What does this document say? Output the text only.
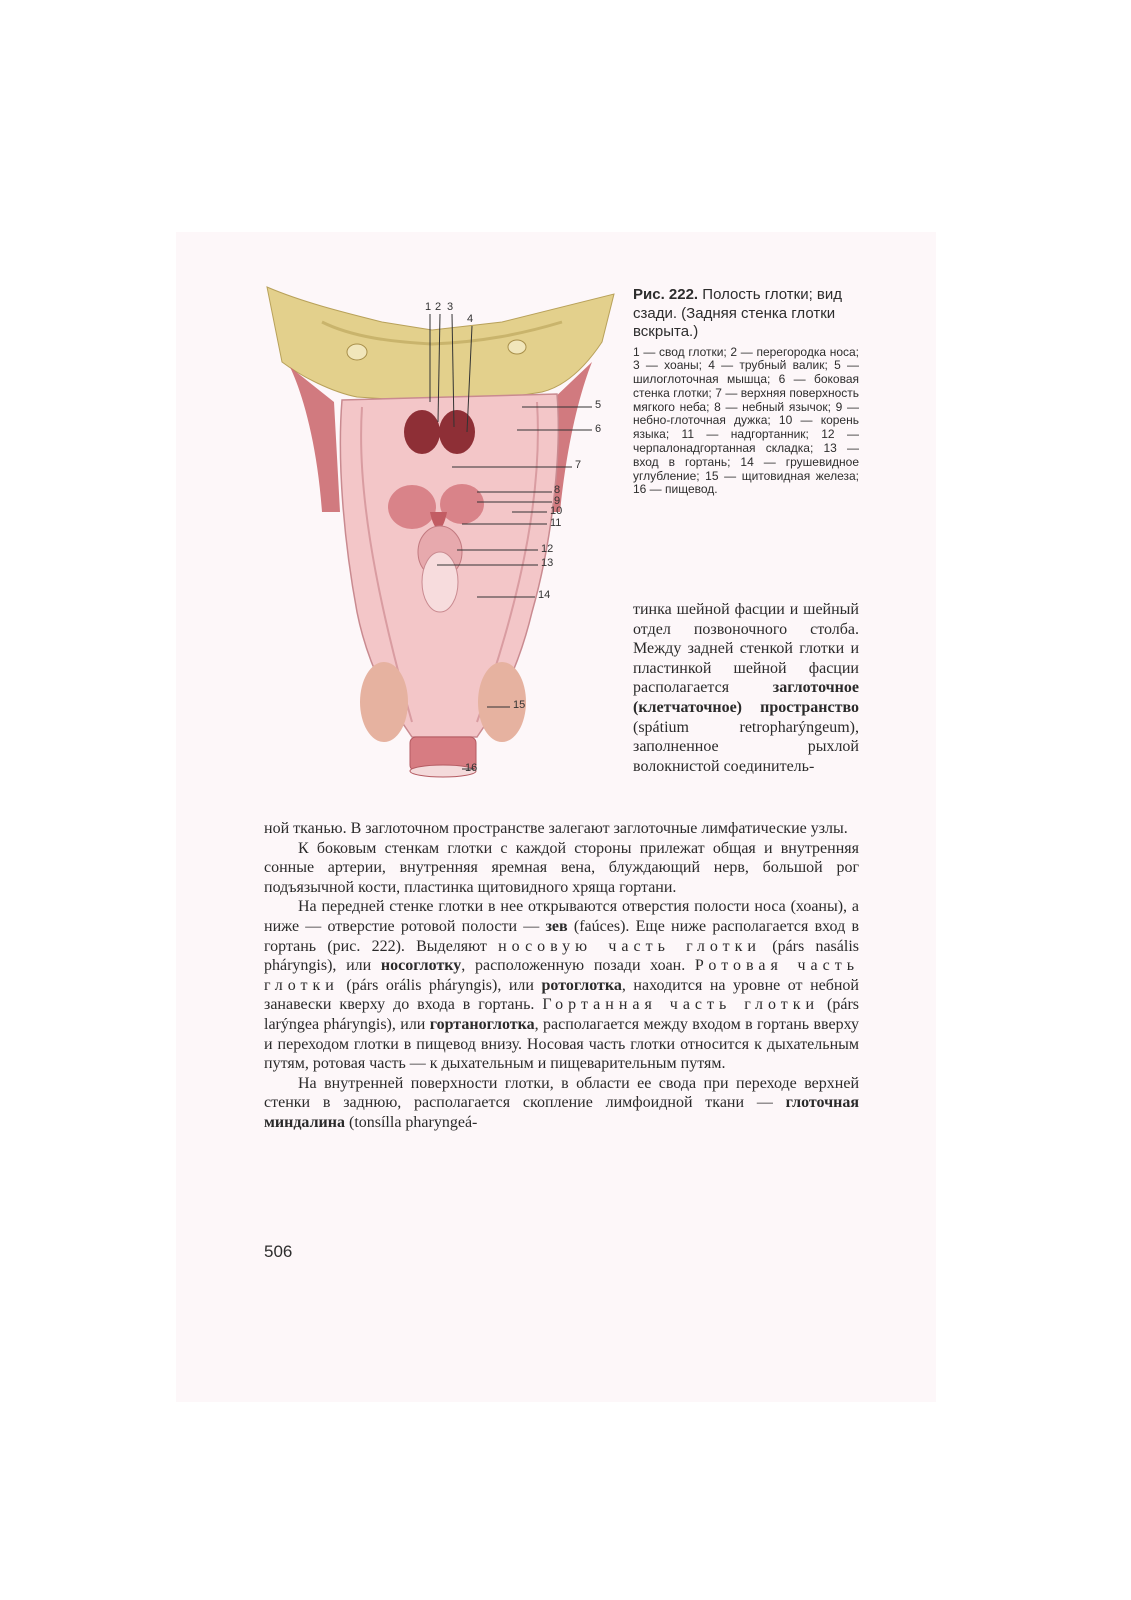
1 2 3
4
5
6
7
8
9
10
11
12
13
14
15
16

Рис. 222. Полость глотки; вид сзади. (Задняя стенка глотки вскрыта.)

1 — свод глотки; 2 — перегородка носа; 3 — хоаны; 4 — трубный валик; 5 — шилоглоточная мышца; 6 — боковая стенка глотки; 7 — верхняя поверхность мягкого неба; 8 — небный язычок; 9 — небно-глоточная дужка; 10 — корень языка; 11 — надгортанник; 12 — черпалонадгортанная складка; 13 — вход в гортань; 14 — грушевидное углубление; 15 — щитовидная железа; 16 — пищевод.

тинка шейной фасции и шейный отдел позвоночного столба. Между задней стенкой глотки и пластинкой шейной фасции располагается заглоточное (клетчаточное) пространство (spátium retropharýngeum), заполненное рыхлой волокнистой соединитель-

ной тканью. В заглоточном пространстве залегают заглоточные лимфатические узлы.

К боковым стенкам глотки с каждой стороны прилежат общая и внутренняя сонные артерии, внутренняя яремная вена, блуждающий нерв, большой рог подъязычной кости, пластинка щитовидного хряща гортани.

На передней стенке глотки в нее открываются отверстия полости носа (хоаны), а ниже — отверстие ротовой полости — зев (faúces). Еще ниже располагается вход в гортань (рис. 222). Выделяют носовую часть глотки (párs nasális pháryngis), или носоглотку, расположенную позади хоан. Ротовая часть глотки (párs orális pháryngis), или ротоглотка, находится на уровне от небной занавески кверху до входа в гортань. Гортанная часть глотки (párs larýngea pháryngis), или гортаноглотка, располагается между входом в гортань вверху и переходом глотки в пищевод внизу. Носовая часть глотки относится к дыхательным путям, ротовая часть — к дыхательным и пищеварительным путям.

На внутренней поверхности глотки, в области ее свода при переходе верхней стенки в заднюю, располагается скопление лимфоидной ткани — глоточная миндалина (tonsílla pharyngeá-

506
